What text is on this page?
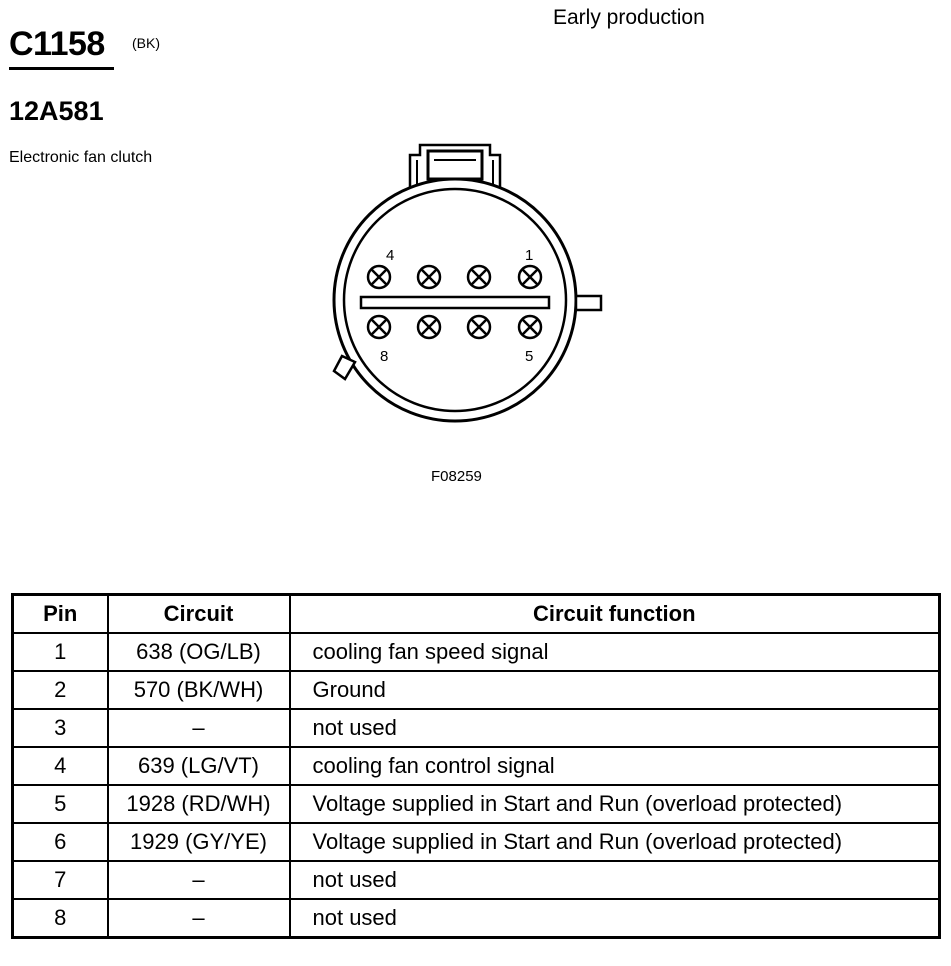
C1158 (BK)
Early production
12A581
Electronic fan clutch
4	1
8	5
F08259
Pin	Circuit	Circuit function
1	638 (OG/LB)	cooling fan speed signal
2	570 (BK/WH)	Ground
3	–	not used
4	639 (LG/VT)	cooling fan control signal
5	1928 (RD/WH)	Voltage supplied in Start and Run (overload protected)
6	1929 (GY/YE)	Voltage supplied in Start and Run (overload protected)
7	–	not used
8	–	not used
